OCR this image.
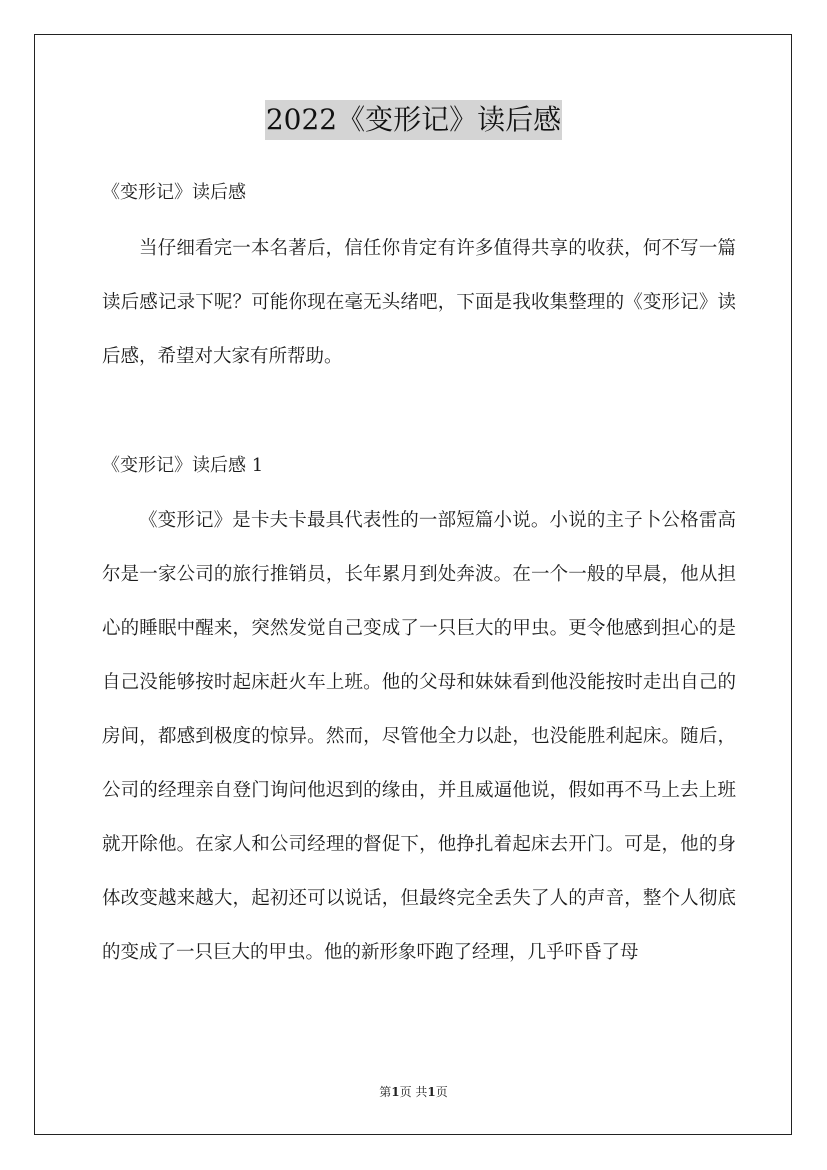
2022《变形记》读后感
《变形记》读后感

当仔细看完一本名著后，信任你肯定有许多值得共享的收获，何不写一篇读后感记录下呢？可能你现在毫无头绪吧，下面是我收集整理的《变形记》读后感，希望对大家有所帮助。

《变形记》读后感 1

《变形记》是卡夫卡最具代表性的一部短篇小说。小说的主子卜公格雷高尔是一家公司的旅行推销员，长年累月到处奔波。在一个一般的早晨，他从担心的睡眠中醒来，突然发觉自己变成了一只巨大的甲虫。更令他感到担心的是自己没能够按时起床赶火车上班。他的父母和妹妹看到他没能按时走出自己的房间，都感到极度的惊异。然而，尽管他全力以赴，也没能胜利起床。随后，公司的经理亲自登门询问他迟到的缘由，并且威逼他说，假如再不马上去上班就开除他。在家人和公司经理的督促下，他挣扎着起床去开门。可是，他的身体改变越来越大，起初还可以说话，但最终完全丢失了人的声音，整个人彻底的变成了一只巨大的甲虫。他的新形象吓跑了经理，几乎吓昏了母

第1页 共1页
